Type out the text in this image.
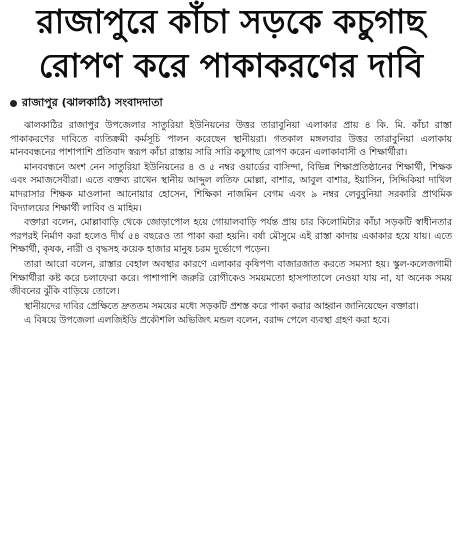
রাজাপুরে কাঁচা সড়কে কচুগাছ
রোপণ করে পাকাকরণের দাবি
রাজাপুর (ঝালকাঠি) সংবাদদাতা

ঝালকাঠির রাজাপুর উপজেলার সাতুরিয়া ইউনিয়নের উত্তর তারাবুনিয়া এলাকার প্রায় ৪ কি. মি. কাঁচা রাস্তা পাকাকরণের দাবিতে ব্যতিক্রমী কর্মসূচি পালন করেছেন স্থানীয়রা। গতকাল মঙ্গলবার উত্তর তারাবুনিয়া এলাকায় মানববন্ধনের পাশাপাশি প্রতিবাদ স্বরূপ কাঁচা রাস্তায় সারি সারি কচুগাছ রোপণ করেন এলাকাবাসী ও শিক্ষার্থীরা।

মানববন্ধনে অংশ নেন সাতুরিয়া ইউনিয়নের ৪ ও ৫ নম্বর ওয়ার্ডের বাসিন্দা, বিভিন্ন শিক্ষাপ্রতিষ্ঠানের শিক্ষার্থী, শিক্ষক এবং সমাজসেবীরা। এতে বক্তব্য রাখেন স্থানীয় আব্দুল লতিফ মোল্লা, বাশার, আবুল বাশার, ইয়াসিন, সিদ্দিকিয়া দাখিল মাদরাসার শিক্ষক মাওলানা আনোয়ার হোসেন, শিক্ষিকা নাজমিন বেগম এবং ৯ নম্বর লেবুবুনিয়া সরকারি প্রাথমিক বিদ্যালয়ের শিক্ষার্থী লাবিব ও মাহিম।

বক্তারা বলেন, মোল্লাবাড়ি থেকে জোড়াপোল হয়ে গোয়ালবাড়ি পর্যন্ত প্রায় চার কিলোমিটার কাঁচা সড়কটি স্বাধীনতার পরপরই নির্মাণ করা হলেও দীর্ঘ ৫৪ বছরেও তা পাকা করা হয়নি। বর্ষা মৌসুমে এই রাস্তা কাদায় একাকার হয়ে যায়। এতে শিক্ষার্থী, কৃষক, নারী ও বৃদ্ধসহ কয়েক হাজার মানুষ চরম দুর্ভোগে পড়েন।

তারা আরো বলেন, রাস্তার বেহাল অবস্থার কারণে এলাকার কৃষিপণ্য বাজারজাত করতে সমস্যা হয়। স্কুল-কলেজগামী শিক্ষার্থীরা কষ্ট করে চলাফেরা করে। পাশাপাশি জরুরি রোগীকেও সময়মতো হাসপাতালে নেওয়া যায় না, যা অনেক সময় জীবনের ঝুঁকি বাড়িয়ে তোলে।

স্থানীয়দের দাবির প্রেক্ষিতে দ্রুততম সময়ের মধ্যে সড়কটি প্রশস্ত করে পাকা করার আহ্বান জানিয়েছেন বক্তারা।

এ বিষয়ে উপজেলা এলজিইডি প্রকৌশলি অভিজিৎ মন্ডল বলেন, বরাদ্দ পেলে ব্যবস্থা গ্রহণ করা হবে।
